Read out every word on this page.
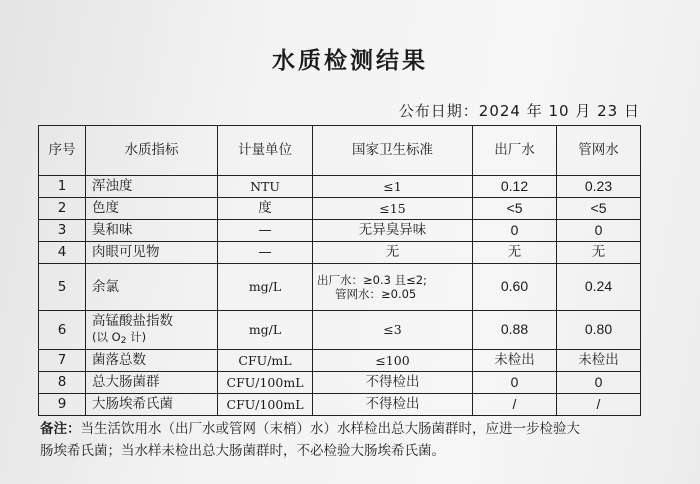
水质检测结果
公布日期：2024 年 10 月 23 日
序号	水质指标	计量单位	国家卫生标准	出厂水	管网水
1	浑浊度	NTU	≤1	0.12	0.23
2	色度	度	≤15	<5	<5
3	臭和味	—	无异臭异味	0	0
4	肉眼可见物	—	无	无	无
5	余氯	mg/L	出厂水：≥0.3 且≤2;
管网水：≥0.05	0.60	0.24
6	高锰酸盐指数
(以 $O_2$ 计)	mg/L	≤3	0.88	0.80
7	菌落总数	CFU/mL	≤100	未检出	未检出
8	总大肠菌群	CFU/100mL	不得检出	0	0
9	大肠埃希氏菌	CFU/100mL	不得检出	/	/
备注：当生活饮用水（出厂水或管网（末梢）水）水样检出总大肠菌群时，应进一步检验大
肠埃希氏菌；当水样未检出总大肠菌群时，不必检验大肠埃希氏菌。
